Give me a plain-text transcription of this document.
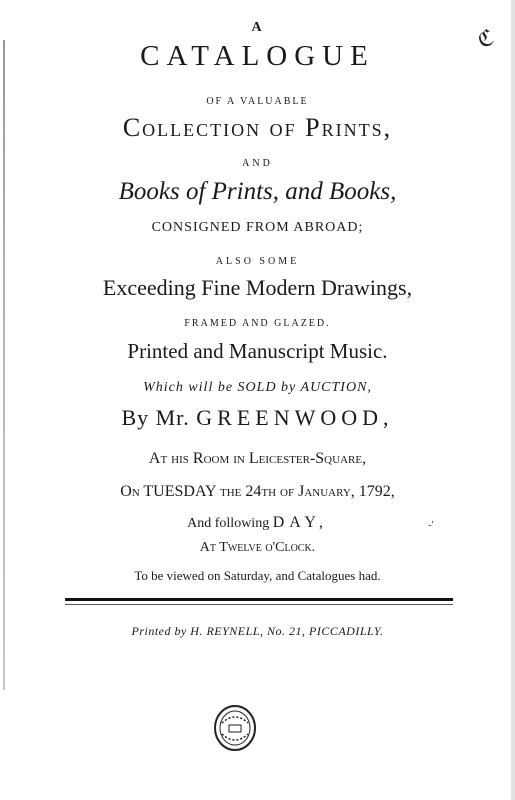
ℭ
-'
A
CATALOGUE
OF A VALUABLE
Collection of Prints,
AND
Books of Prints, and Books,
CONSIGNED FROM ABROAD;
ALSO SOME
Exceeding Fine Modern Drawings,
FRAMED AND GLAZED.
Printed and Manuscript Music.
Which will be SOLD by AUCTION,
By Mr. GREENWOOD,
At his Room in Leicester-Square,
On TUESDAY the 24th of January, 1792,
And following DAY,
At Twelve o'Clock.
To be viewed on Saturday, and Catalogues had.
Printed by H. REYNELL, No. 21, PICCADILLY.
